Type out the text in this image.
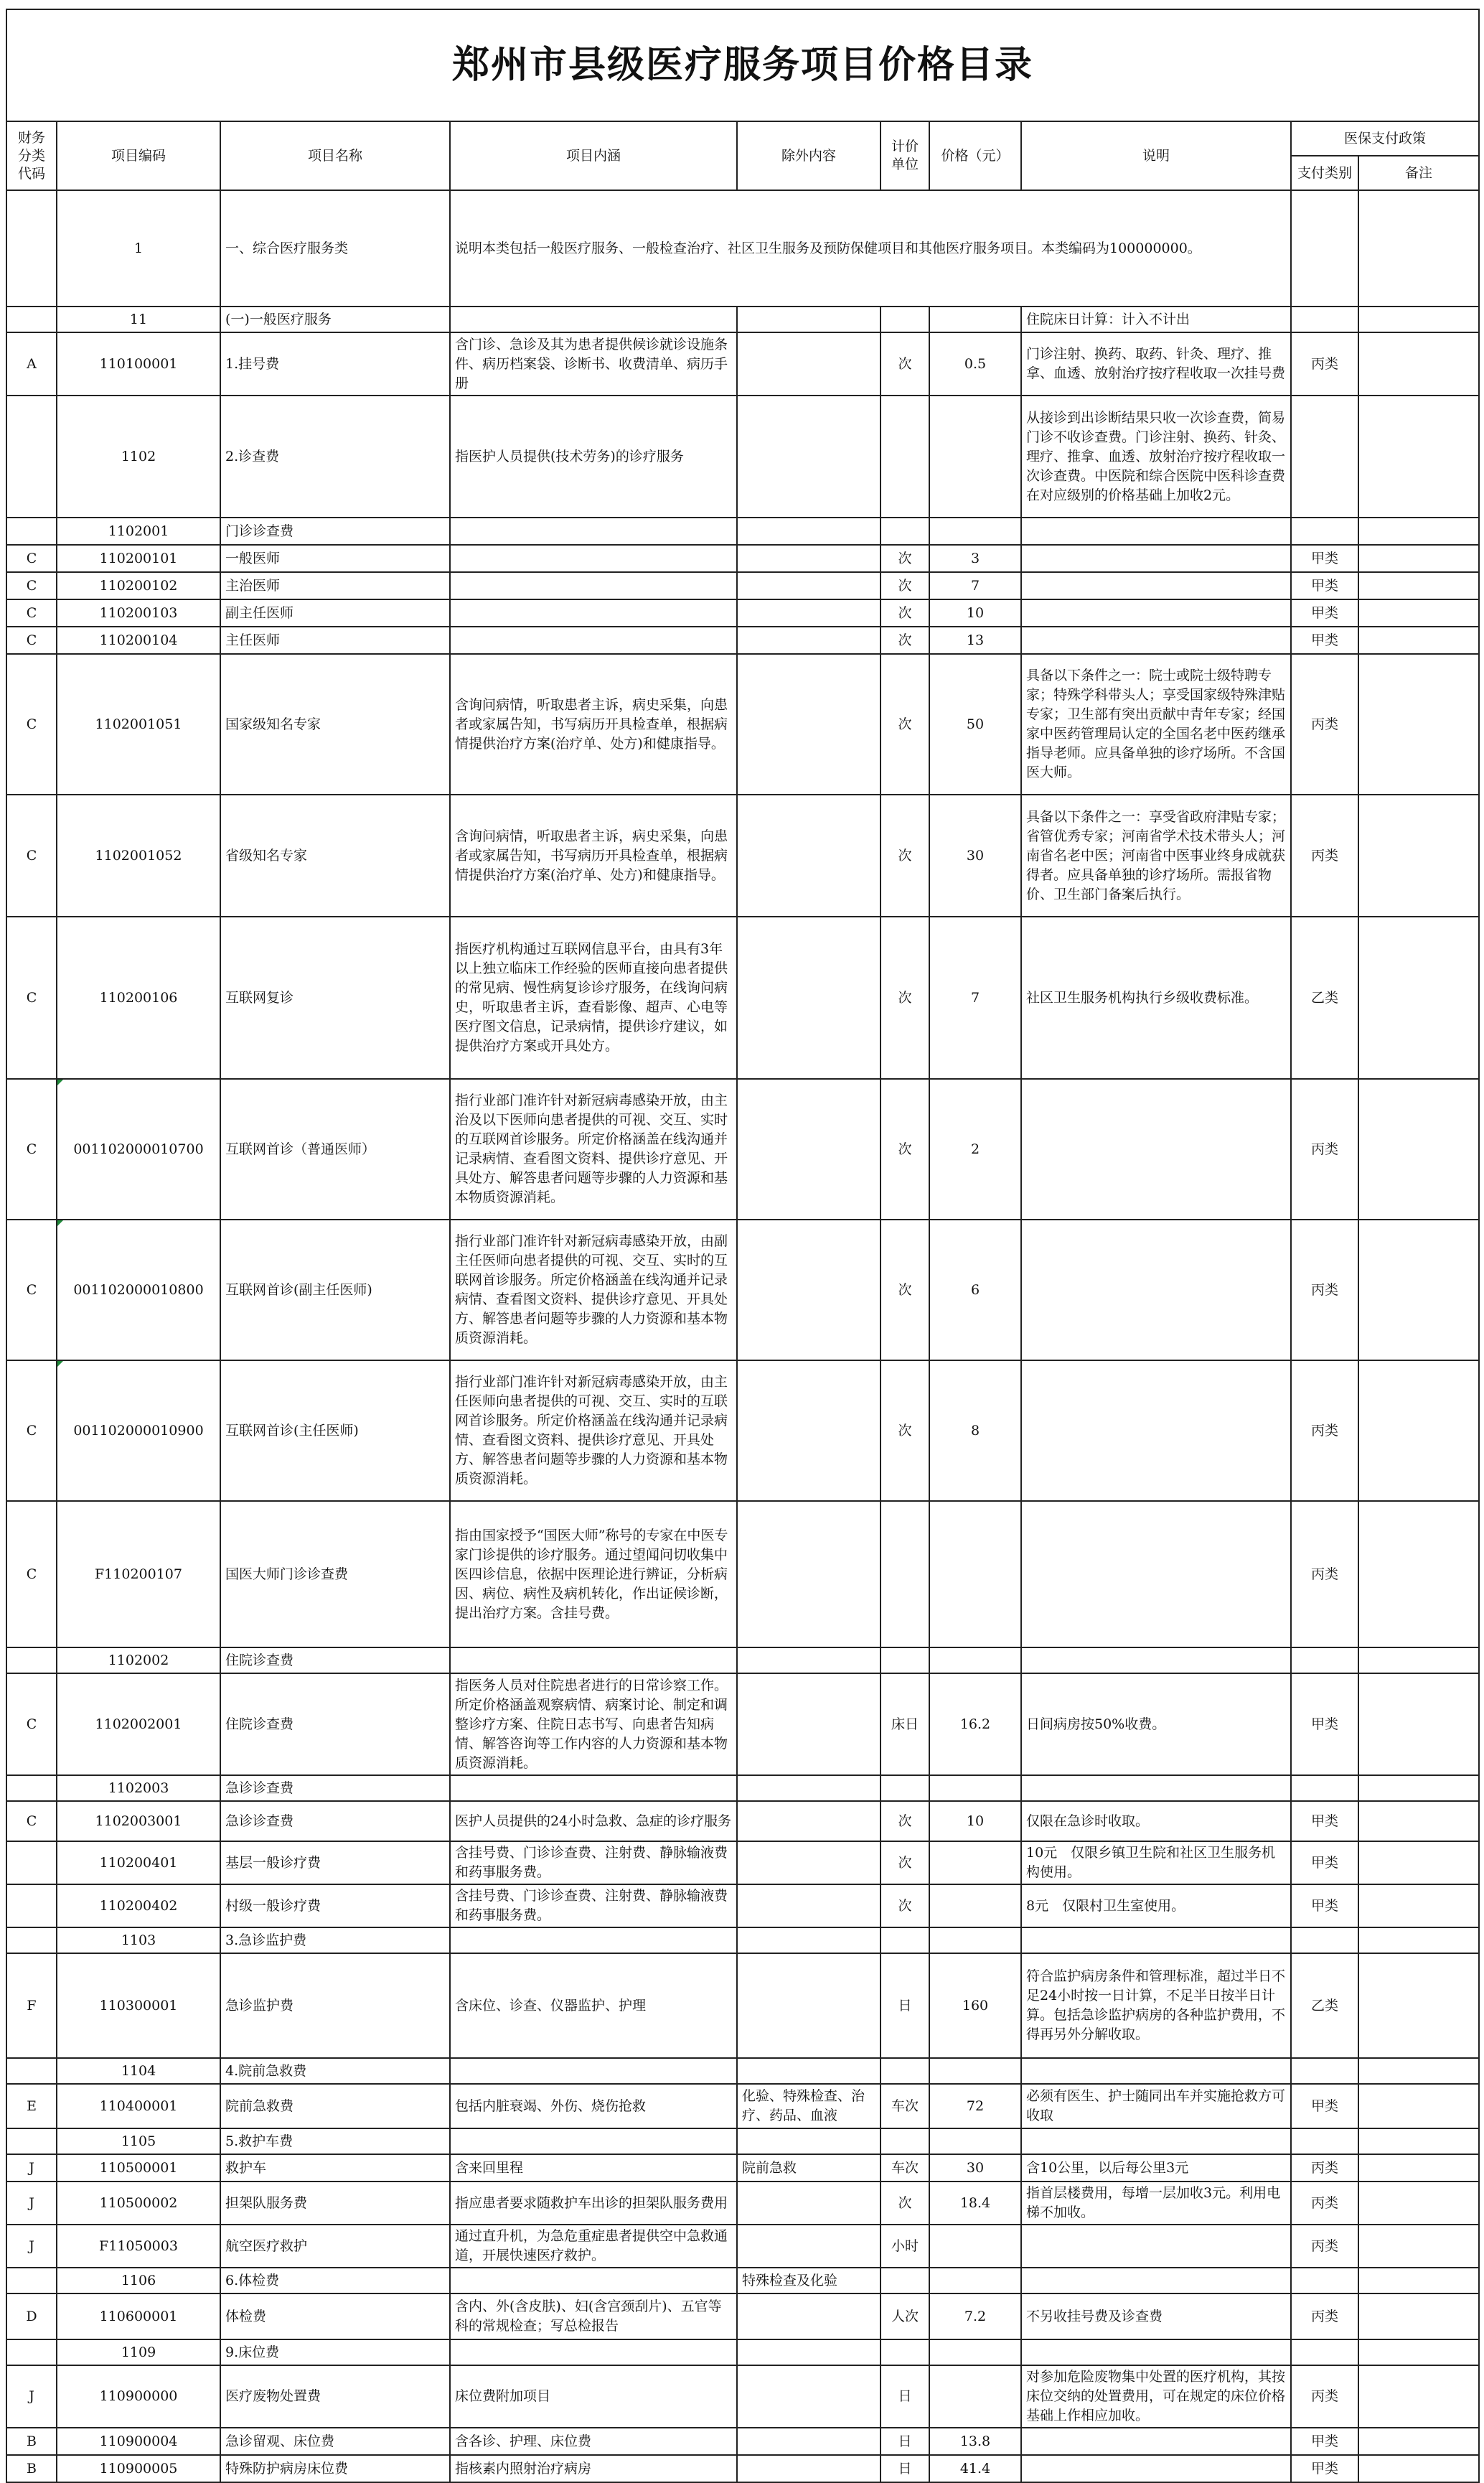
郑州市县级医疗服务项目价格目录									
财务分类代码	项目编码	项目名称	项目内涵	除外内容	计价单位	价格（元）	说明	医保支付政策	
								支付类别	备注
	1	一、综合医疗服务类	说明本类包括一般医疗服务、一般检查治疗、社区卫生服务及预防保健项目和其他医疗服务项目。本类编码为100000000。						
	11	(一)一般医疗服务					住院床日计算：计入不计出		
A	110100001	1.挂号费	含门诊、急诊及其为患者提供候诊就诊设施条件、病历档案袋、诊断书、收费清单、病历手册		次	0.5	门诊注射、换药、取药、针灸、理疗、推拿、血透、放射治疗按疗程收取一次挂号费	丙类	
	1102	2.诊查费	指医护人员提供(技术劳务)的诊疗服务				从接诊到出诊断结果只收一次诊查费，简易门诊不收诊查费。门诊注射、换药、针灸、理疗、推拿、血透、放射治疗按疗程收取一次诊查费。中医院和综合医院中医科诊查费在对应级别的价格基础上加收2元。		
	1102001	门诊诊查费							
C	110200101	一般医师			次	3		甲类	
C	110200102	主治医师			次	7		甲类	
C	110200103	副主任医师			次	10		甲类	
C	110200104	主任医师			次	13		甲类	
C	1102001051	国家级知名专家	含询问病情，听取患者主诉，病史采集，向患者或家属告知，书写病历开具检查单，根据病情提供治疗方案(治疗单、处方)和健康指导。		次	50	具备以下条件之一：院士或院士级特聘专家；特殊学科带头人；享受国家级特殊津贴专家；卫生部有突出贡献中青年专家；经国家中医药管理局认定的全国名老中医药继承指导老师。应具备单独的诊疗场所。不含国医大师。	丙类	
C	1102001052	省级知名专家	含询问病情，听取患者主诉，病史采集，向患者或家属告知，书写病历开具检查单，根据病情提供治疗方案(治疗单、处方)和健康指导。		次	30	具备以下条件之一：享受省政府津贴专家；省管优秀专家；河南省学术技术带头人；河南省名老中医；河南省中医事业终身成就获得者。应具备单独的诊疗场所。需报省物价、卫生部门备案后执行。	丙类	
C	110200106	互联网复诊	指医疗机构通过互联网信息平台，由具有3年以上独立临床工作经验的医师直接向患者提供的常见病、慢性病复诊诊疗服务，在线询问病史，听取患者主诉，查看影像、超声、心电等医疗图文信息，记录病情，提供诊疗建议，如提供治疗方案或开具处方。		次	7	社区卫生服务机构执行乡级收费标准。	乙类	
C	001102000010700	互联网首诊（普通医师）	指行业部门准许针对新冠病毒感染开放，由主治及以下医师向患者提供的可视、交互、实时的互联网首诊服务。所定价格涵盖在线沟通并记录病情、查看图文资料、提供诊疗意见、开具处方、解答患者问题等步骤的人力资源和基本物质资源消耗。		次	2		丙类	
C	001102000010800	互联网首诊(副主任医师)	指行业部门准许针对新冠病毒感染开放，由副主任医师向患者提供的可视、交互、实时的互联网首诊服务。所定价格涵盖在线沟通并记录病情、查看图文资料、提供诊疗意见、开具处方、解答患者问题等步骤的人力资源和基本物质资源消耗。		次	6		丙类	
C	001102000010900	互联网首诊(主任医师)	指行业部门准许针对新冠病毒感染开放，由主任医师向患者提供的可视、交互、实时的互联网首诊服务。所定价格涵盖在线沟通并记录病情、查看图文资料、提供诊疗意见、开具处方、解答患者问题等步骤的人力资源和基本物质资源消耗。		次	8		丙类	
C	F110200107	国医大师门诊诊查费	指由国家授予“国医大师”称号的专家在中医专家门诊提供的诊疗服务。通过望闻问切收集中医四诊信息，依据中医理论进行辨证，分析病因、病位、病性及病机转化，作出证候诊断，提出治疗方案。含挂号费。					丙类	
	1102002	住院诊查费							
C	1102002001	住院诊查费	指医务人员对住院患者进行的日常诊察工作。所定价格涵盖观察病情、病案讨论、制定和调整诊疗方案、住院日志书写、向患者告知病情、解答咨询等工作内容的人力资源和基本物质资源消耗。		床日	16.2	日间病房按50%收费。	甲类	
	1102003	急诊诊查费							
C	1102003001	急诊诊查费	医护人员提供的24小时急救、急症的诊疗服务		次	10	仅限在急诊时收取。	甲类	
	110200401	基层一般诊疗费	含挂号费、门诊诊查费、注射费、静脉输液费和药事服务费。		次		10元　仅限乡镇卫生院和社区卫生服务机构使用。	甲类	
	110200402	村级一般诊疗费	含挂号费、门诊诊查费、注射费、静脉输液费和药事服务费。		次		8元　仅限村卫生室使用。	甲类	
	1103	3.急诊监护费							
F	110300001	急诊监护费	含床位、诊查、仪器监护、护理		日	160	符合监护病房条件和管理标准，超过半日不足24小时按一日计算，不足半日按半日计算。包括急诊监护病房的各种监护费用，不得再另外分解收取。	乙类	
	1104	4.院前急救费							
E	110400001	院前急救费	包括内脏衰竭、外伤、烧伤抢救	化验、特殊检查、治疗、药品、血液	车次	72	必须有医生、护士随同出车并实施抢救方可收取	甲类	
	1105	5.救护车费							
J	110500001	救护车	含来回里程	院前急救	车次	30	含10公里，以后每公里3元	丙类	
J	110500002	担架队服务费	指应患者要求随救护车出诊的担架队服务费用		次	18.4	指首层楼费用，每增一层加收3元。利用电梯不加收。	丙类	
J	F11050003	航空医疗救护	通过直升机，为急危重症患者提供空中急救通道，开展快速医疗救护。		小时			丙类	
	1106	6.体检费		特殊检查及化验					
D	110600001	体检费	含内、外(含皮肤)、妇(含宫颈刮片)、五官等科的常规检查；写总检报告		人次	7.2	不另收挂号费及诊查费	丙类	
	1109	9.床位费							
J	110900000	医疗废物处置费	床位费附加项目		日		对参加危险废物集中处置的医疗机构，其按床位交纳的处置费用，可在规定的床位价格基础上作相应加收。	丙类	
B	110900004	急诊留观、床位费	含各诊、护理、床位费		日	13.8		甲类	
B	110900005	特殊防护病房床位费	指核素内照射治疗病房		日	41.4		甲类	
